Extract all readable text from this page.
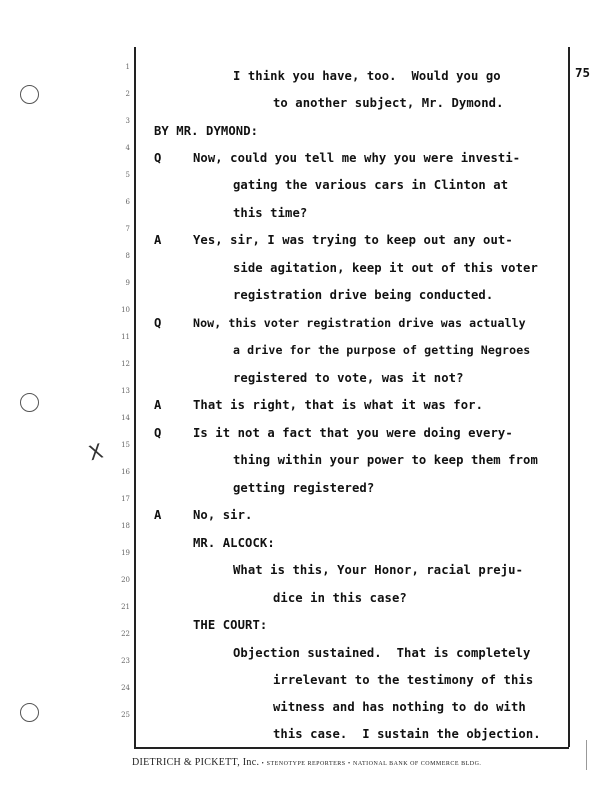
75
1
2
3
4
5
6
7
8
9
10
11
12
13
14
15
16
17
18
19
20
21
22
23
24
25
Q
A
Q
A
Q
A
I think you have, too.  Would you go
to another subject, Mr. Dymond.
BY MR. DYMOND:
Now, could you tell me why you were investi-
gating the various cars in Clinton at
this time?
Yes, sir, I was trying to keep out any out-
side agitation, keep it out of this voter
registration drive being conducted.
Now, this voter registration drive was actually
a drive for the purpose of getting Negroes
registered to vote, was it not?
That is right, that is what it was for.
Is it not a fact that you were doing every-
thing within your power to keep them from
getting registered?
No, sir.
MR. ALCOCK:
What is this, Your Honor, racial preju-
dice in this case?
THE COURT:
Objection sustained.  That is completely
irrelevant to the testimony of this
witness and has nothing to do with
this case.  I sustain the objection.
X
DIETRICH & PICKETT, Inc. • STENOTYPE REPORTERS • NATIONAL BANK OF COMMERCE BLDG.
